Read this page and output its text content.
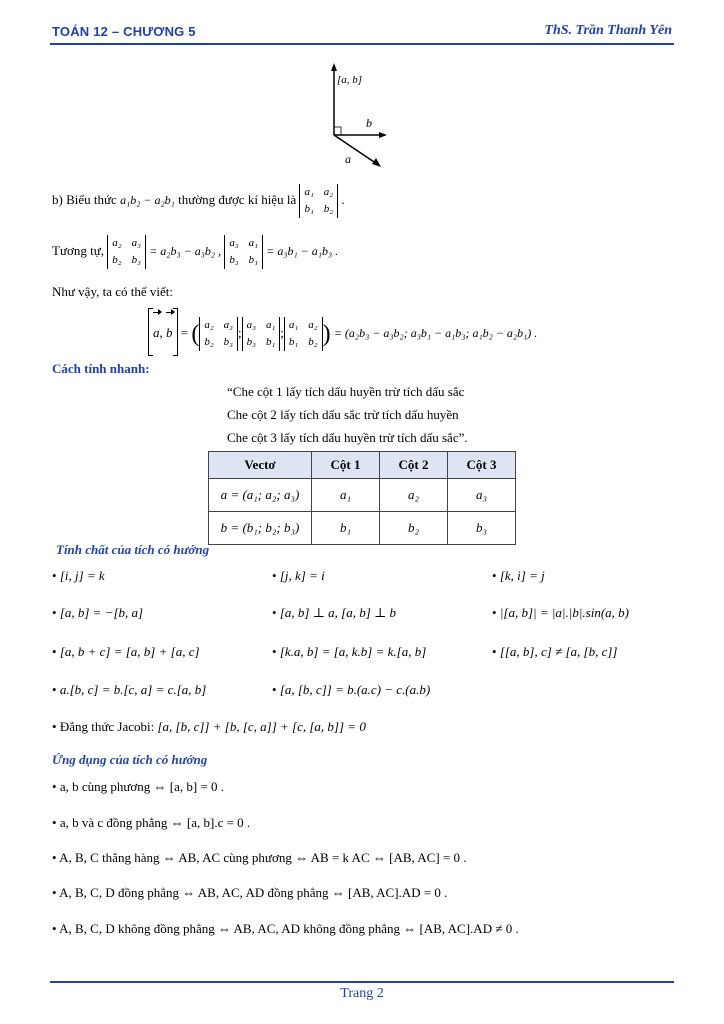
TOÁN 12 – CHƯƠNG 5	ThS. Trần Thanh Yên
[a, b]
b
a
b) Biểu thức a₁b₂ − a₂b₁ thường được kí hiệu là a₁ a₂
b₁ b₂
.
Tương tự, a₂ a₃
b₂ b₃
= a₂b₃ − a₃b₂ ,
a₃ a₁
b₃ b₁
= a₃b₁ − a₁b₃ .
Như vậy, ta có thể viết:
a, b = ( a₂ a₃
b₂ b₃
; a₃ a₁
b₃ b₁
; a₁ a₂
b₁ b₂ ) = (a₂b₃ − a₃b₂; a₃b₁ − a₁b₃; a₁b₂ − a₂b₁) .
Cách tính nhanh:
“Che cột 1 lấy tích dấu huyền trừ tích dấu sắc
Che cột 2 lấy tích dấu sắc trừ tích dấu huyền
Che cột 3 lấy tích dấu huyền trừ tích dấu sắc”.
Vectơ	Cột 1	Cột 2	Cột 3
a = (a₁; a₂; a₃)	a₁	a₂	a₃
b = (b₁; b₂; b₃)	b₁	b₂	b₃
Tính chất của tích có hướng
• [i, j] = k	• [j, k] = i	• [k, i] = j
• [a, b] = −[b, a]	• [a, b] ⊥ a, [a, b] ⊥ b	• |[a, b]| = |a|.|b|.sin(a, b)
• [a, b + c] = [a, b] + [a, c]	• [k.a, b] = [a, k.b] = k.[a, b]	• [[a, b], c] ≠ [a, [b, c]]
• a.[b, c] = b.[c, a] = c.[a, b]	• [a, [b, c]] = b.(a.c) − c.(a.b)
• Đẳng thức Jacobi: [a, [b, c]] + [b, [c, a]] + [c, [a, b]] = 0
Ứng dụng của tích có hướng
• a, b cùng phương ⇔ [a, b] = 0 .
• a, b và c đồng phẳng ⇔ [a, b].c = 0 .
• A, B, C thẳng hàng ⇔ AB, AC cùng phương ⇔ AB = k AC ⇔ [AB, AC] = 0 .
• A, B, C, D đồng phẳng ⇔ AB, AC, AD đồng phẳng ⇔ [AB, AC].AD = 0 .
• A, B, C, D không đồng phẳng ⇔ AB, AC, AD không đồng phẳng ⇔ [AB, AC].AD ≠ 0 .
Trang 2
